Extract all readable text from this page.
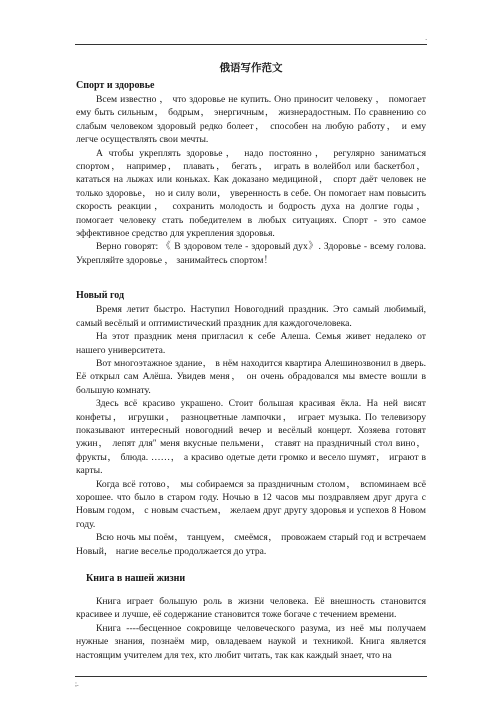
.
俄语写作范文
Спорт и здоровье

Всем известно ， что здоровье не купить. Оно приносит человеку ， помогает ему быть сильным， бодрым， энергичным， жизнерадостным. По сравнению со слабым человеком здоровый редко болеет， способен на любую работу， и ему легче осуществлять свои мечты.

А чтобы укреплять здоровье， надо постоянно， регулярно заниматься спортом， например， плавать， бегать， играть в волейбол или баскетбол， кататься на лыжах или коньках. Как доказано медициной， спорт даёт человек не только здоровье， но и силу воли， уверенность в себе. Он помогает нам повысить скорость реакции， сохранить молодость и бодрость духа на долгие годы， помогает человеку стать победителем в любых ситуациях. Спорт - это самое эффективное средство для укрепления здоровья.

Верно говорят: 《 В здоровом теле - здоровый дух》. Здоровье - всему голова. Укрепляйте здоровье ， занимайтесь спортом！

Новый год

Время летит быстро. Наступил Новогодний праздник. Это самый любимый, самый весёлый и оптимистический праздник для каждогочеловека.

На этот праздник меня пригласил к себе Алеша. Семья живет недалеко от нашего университета.

Вот многоэтажное здание， в нём находится квартира Алешинозвонил в дверь. Её открыл сам Алёша. Увидев меня， он очень обрадовался мы вместе вошли в большую комнату.

Здесь всё красиво украшено. Стоит большая красивая ёкла. На ней висят конфеты， игрушки， разноцветные лампочки， играет музыка. По телевизору показывают интересный новогодний вечер и весёлый концерт. Хозяева готовят ужин， лепят для" меня вкусные пельмени， ставят на праздничный стол вино， фрукты， блюда. ……， а красиво одетые дети громко и весело шумят， играют в карты.

Когда всё готово， мы собираемся за праздничным столом， вспоминаем всё хорошее. что было в старом году. Ночью в 12 часов мы поздравляем друг друга с Новым годом， с новым счастьем， желаем друг другу здоровья и успехов 8 Новом году.

Всю ночь мы поём， танцуем， смеёмся， провожаем старый год и встречаем Новый， нагие веселье продолжается до утра.

Книга в нашей жизни

Книга играет большую роль в жизни человека. Её внешность становится красивее и лучше, её содержание становится тоже богаче с течением времени.

Книга ----бесценное сокровище человеческого разума, из неё мы получаем нужные знания, познаём мир, овладеваем наукой и техникой. Книга является настоящим учителем для тех, кто любит читать, так как каждый знает, что на

;.
